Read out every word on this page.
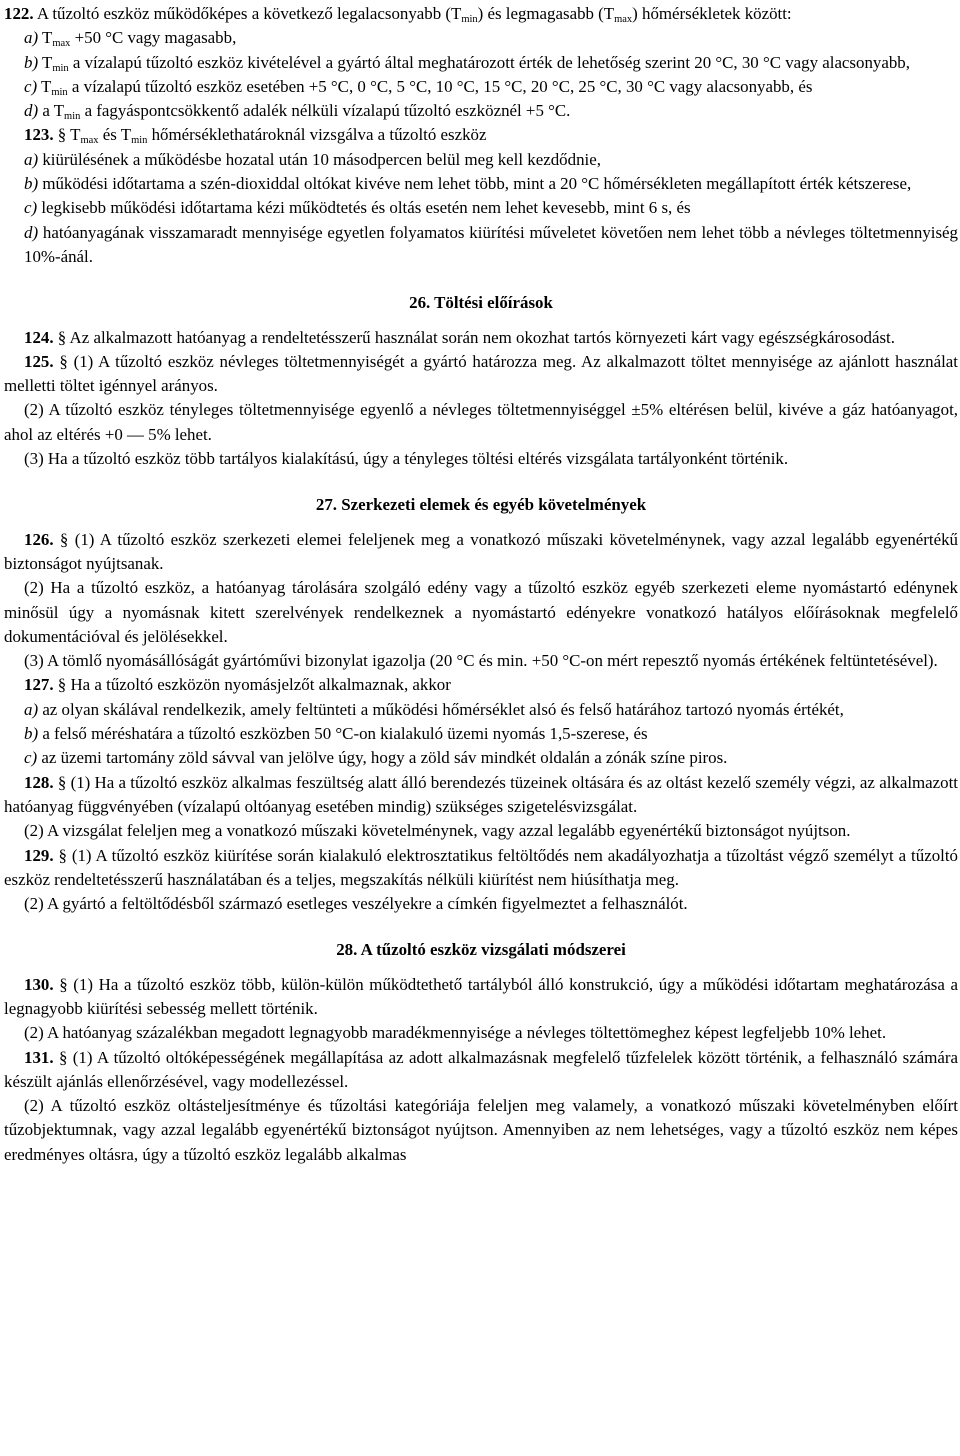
122. A tűzoltó eszköz működőképes a következő legalacsonyabb $(T_{min})$ és legmagasabb $(T_{max})$ hőmérsékletek között:

a) $T_{max} +50$ °C vagy magasabb,

b) $T_{min}$ a vízalapú tűzoltó eszköz kivételével a gyártó által meghatározott érték de lehetőség szerint 20 °C, 30 °C vagy alacsonyabb,

c) $T_{min}$ a vízalapú tűzoltó eszköz esetében +5 °C, 0 °C, 5 °C, 10 °C, 15 °C, 20 °C, 25 °C, 30 °C vagy alacsonyabb, és

d) a $T_{min}$ a fagyáspontcsökkentő adalék nélküli vízalapú tűzoltó eszköznél +5 °C.

123. § $T_{max}$ és $T_{min}$ hőmérséklethatároknál vizsgálva a tűzoltó eszköz

a) kiürülésének a működésbe hozatal után 10 másodpercen belül meg kell kezdődnie,

b) működési időtartama a szén-dioxiddal oltókat kivéve nem lehet több, mint a 20 °C hőmérsékleten megállapított érték kétszerese,

c) legkisebb működési időtartama kézi működtetés és oltás esetén nem lehet kevesebb, mint 6 s, és

d) hatóanyagának visszamaradt mennyisége egyetlen folyamatos kiürítési műveletet követően nem lehet több a névleges töltetmennyiség 10%-ánál.

26. Töltési előírások

124. § Az alkalmazott hatóanyag a rendeltetésszerű használat során nem okozhat tartós környezeti kárt vagy egészségkárosodást.

125. § (1) A tűzoltó eszköz névleges töltetmennyiségét a gyártó határozza meg. Az alkalmazott töltet mennyisége az ajánlott használat melletti töltet igénnyel arányos.

(2) A tűzoltó eszköz tényleges töltetmennyisége egyenlő a névleges töltetmennyiséggel ±5% eltérésen belül, kivéve a gáz hatóanyagot, ahol az eltérés +0 — 5% lehet.

(3) Ha a tűzoltó eszköz több tartályos kialakítású, úgy a tényleges töltési eltérés vizsgálata tartályonként történik.

27. Szerkezeti elemek és egyéb követelmények

126. § (1) A tűzoltó eszköz szerkezeti elemei feleljenek meg a vonatkozó műszaki követelménynek, vagy azzal legalább egyenértékű biztonságot nyújtsanak.

(2) Ha a tűzoltó eszköz, a hatóanyag tárolására szolgáló edény vagy a tűzoltó eszköz egyéb szerkezeti eleme nyomástartó edénynek minősül úgy a nyomásnak kitett szerelvények rendelkeznek a nyomástartó edényekre vonatkozó hatályos előírásoknak megfelelő dokumentációval és jelölésekkel.

(3) A tömlő nyomásállóságát gyártóművi bizonylat igazolja (20 °C és min. +50 °C-on mért repesztő nyomás értékének feltüntetésével).

127. § Ha a tűzoltó eszközön nyomásjelzőt alkalmaznak, akkor

a) az olyan skálával rendelkezik, amely feltünteti a működési hőmérséklet alsó és felső határához tartozó nyomás értékét,

b) a felső méréshatára a tűzoltó eszközben 50 °C-on kialakuló üzemi nyomás 1,5-szerese, és

c) az üzemi tartomány zöld sávval van jelölve úgy, hogy a zöld sáv mindkét oldalán a zónák színe piros.

128. § (1) Ha a tűzoltó eszköz alkalmas feszültség alatt álló berendezés tüzeinek oltására és az oltást kezelő személy végzi, az alkalmazott hatóanyag függvényében (vízalapú oltóanyag esetében mindig) szükséges szigetelésvizsgálat.

(2) A vizsgálat feleljen meg a vonatkozó műszaki követelménynek, vagy azzal legalább egyenértékű biztonságot nyújtson.

129. § (1) A tűzoltó eszköz kiürítése során kialakuló elektrosztatikus feltöltődés nem akadályozhatja a tűzoltást végző személyt a tűzoltó eszköz rendeltetésszerű használatában és a teljes, megszakítás nélküli kiürítést nem hiúsíthatja meg.

(2) A gyártó a feltöltődésből származó esetleges veszélyekre a címkén figyelmeztet a felhasználót.

28. A tűzoltó eszköz vizsgálati módszerei

130. § (1) Ha a tűzoltó eszköz több, külön-külön működtethető tartályból álló konstrukció, úgy a működési időtartam meghatározása a legnagyobb kiürítési sebesség mellett történik.

(2) A hatóanyag százalékban megadott legnagyobb maradékmennyisége a névleges töltettömeghez képest legfeljebb 10% lehet.

131. § (1) A tűzoltó oltóképességének megállapítása az adott alkalmazásnak megfelelő tűzfelelek között történik, a felhasználó számára készült ajánlás ellenőrzésével, vagy modellezéssel.

(2) A tűzoltó eszköz oltásteljesítménye és tűzoltási kategóriája feleljen meg valamely, a vonatkozó műszaki követelményben előírt tűzobjektumnak, vagy azzal legalább egyenértékű biztonságot nyújtson. Amennyiben az nem lehetséges, vagy a tűzoltó eszköz nem képes eredményes oltásra, úgy a tűzoltó eszköz legalább alkalmas
